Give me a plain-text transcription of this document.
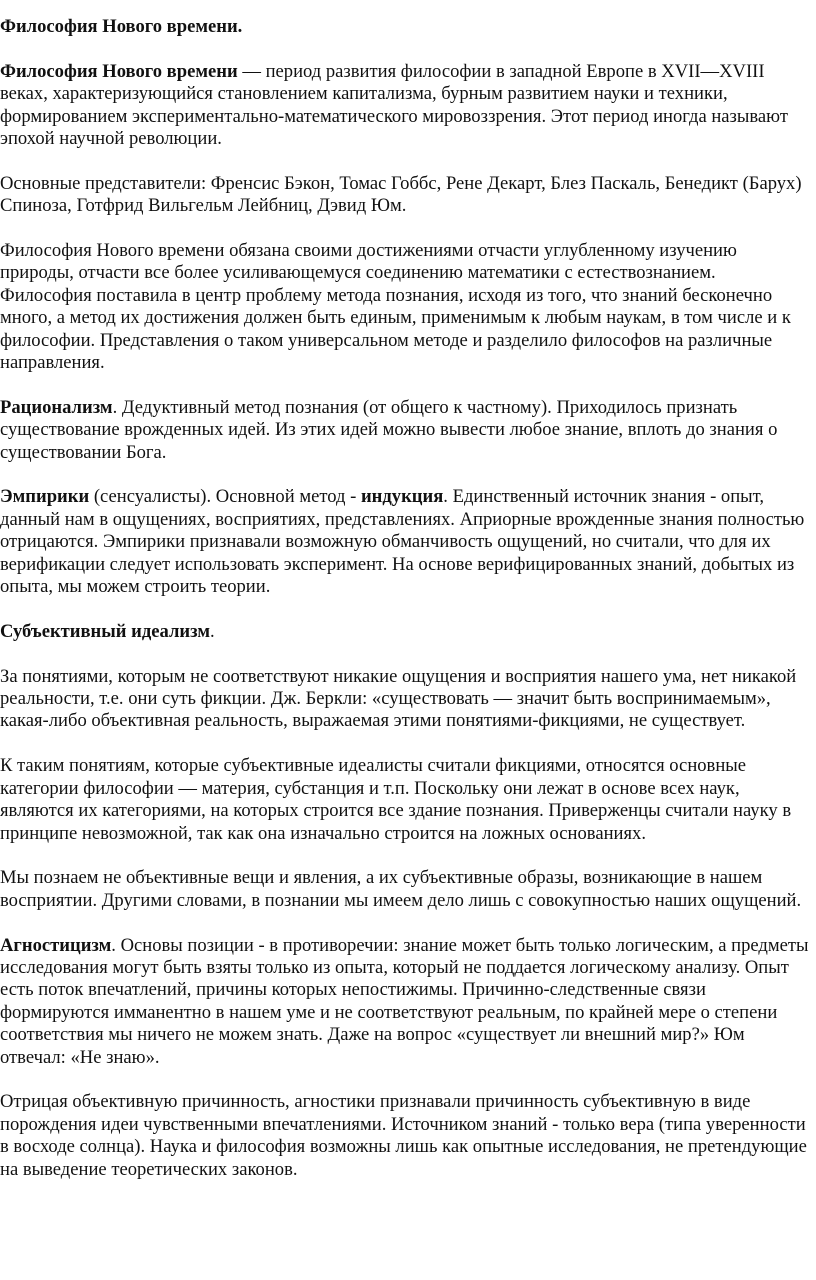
Философия Нового времени.

Философия Нового времени — период развития философии в западной Европе в XVII—XVIII веках, характеризующийся становлением капитализма, бурным развитием науки и техники, формированием экспериментально-математического мировоззрения. Этот период иногда называют эпохой научной революции.

Основные представители: Френсис Бэкон, Томас Гоббс, Рене Декарт, Блез Паскаль, Бенедикт (Барух) Спиноза, Готфрид Вильгельм Лейбниц, Дэвид Юм.

Философия Нового времени обязана своими достижениями отчасти углубленному изучению природы, отчасти все более усиливающемуся соединению математики с естествознанием. Философия поставила в центр проблему метода познания, исходя из того, что знаний бесконечно много, а метод их достижения должен быть единым, применимым к любым наукам, в том числе и к философии. Представления о таком универсальном методе и разделило философов на различные направления.

Рационализм. Дедуктивный метод познания (от общего к частному). Приходилось признать существование врожденных идей. Из этих идей можно вывести любое знание, вплоть до знания о существовании Бога.

Эмпирики (сенсуалисты). Основной метод - индукция. Единственный источник знания - опыт, данный нам в ощущениях, восприятиях, представлениях. Априорные врожденные знания полностью отрицаются. Эмпирики признавали возможную обманчивость ощущений, но считали, что для их верификации следует использовать эксперимент. На основе верифицированных знаний, добытых из опыта, мы можем строить теории.

Субъективный идеализм.

За понятиями, которым не соответствуют никакие ощущения и восприятия нашего ума, нет никакой реальности, т.е. они суть фикции. Дж. Беркли: «существовать — значит быть воспринимаемым», какая-либо объективная реальность, выражаемая этими понятиями-фикциями, не существует.

К таким понятиям, которые субъективные идеалисты считали фикциями, относятся основные категории философии — материя, субстанция и т.п. Поскольку они лежат в основе всех наук, являются их категориями, на которых строится все здание познания. Приверженцы считали науку в принципе невозможной, так как она изначально строится на ложных основаниях.

Мы познаем не объективные вещи и явления, а их субъективные образы, возникающие в нашем восприятии. Другими словами, в познании мы имеем дело лишь с совокупностью наших ощущений.

Агностицизм. Основы позиции - в противоречии: знание может быть только логическим, а предметы исследования могут быть взяты только из опыта, который не поддается логическому анализу. Опыт есть поток впечатлений, причины которых непостижимы. Причинно-следственные связи формируются имманентно в нашем уме и не соответствуют реальным, по крайней мере о степени соответствия мы ничего не можем знать. Даже на вопрос «существует ли внешний мир?» Юм отвечал: «Не знаю».

Отрицая объективную причинность, агностики признавали причинность субъективную в виде порождения идеи чувственными впечатлениями. Источником знаний - только вера (типа уверенности в восходе солнца). Наука и философия возможны лишь как опытные исследования, не претендующие на выведение теоретических законов.
